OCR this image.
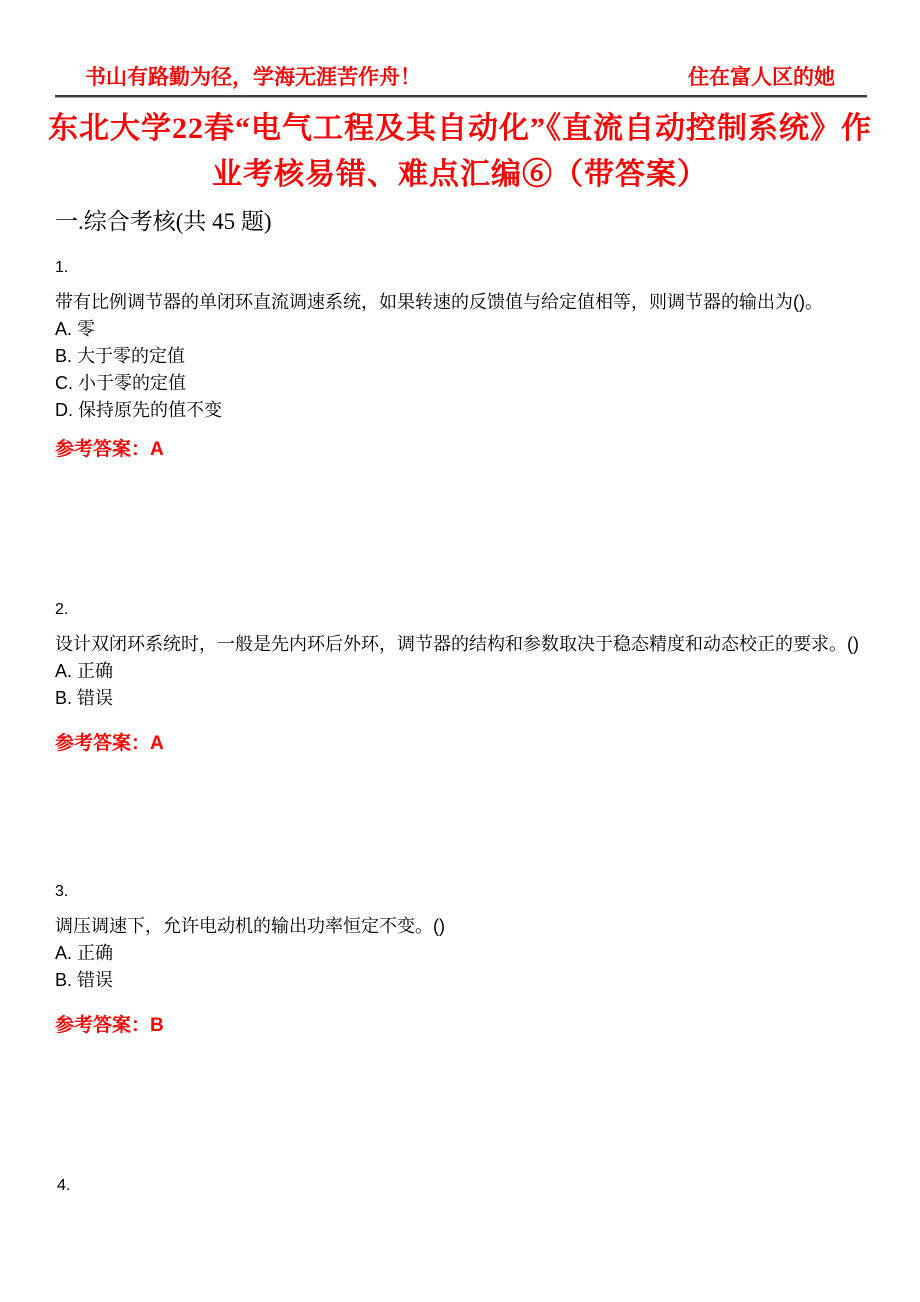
书山有路勤为径，学海无涯苦作舟！	住在富人区的她
东北大学22春“电气工程及其自动化”《直流自动控制系统》作
业考核易错、难点汇编⑥（带答案）
一.综合考核(共 45 题)
1.
带有比例调节器的单闭环直流调速系统，如果转速的反馈值与给定值相等，则调节器的输出为()。
A. 零
B. 大于零的定值
C. 小于零的定值
D. 保持原先的值不变
参考答案：A
2.
设计双闭环系统时，一般是先内环后外环，调节器的结构和参数取决于稳态精度和动态校正的要求。()
A. 正确
B. 错误
参考答案：A
3.
调压调速下，允许电动机的输出功率恒定不变。()
A. 正确
B. 错误
参考答案：B
4.
